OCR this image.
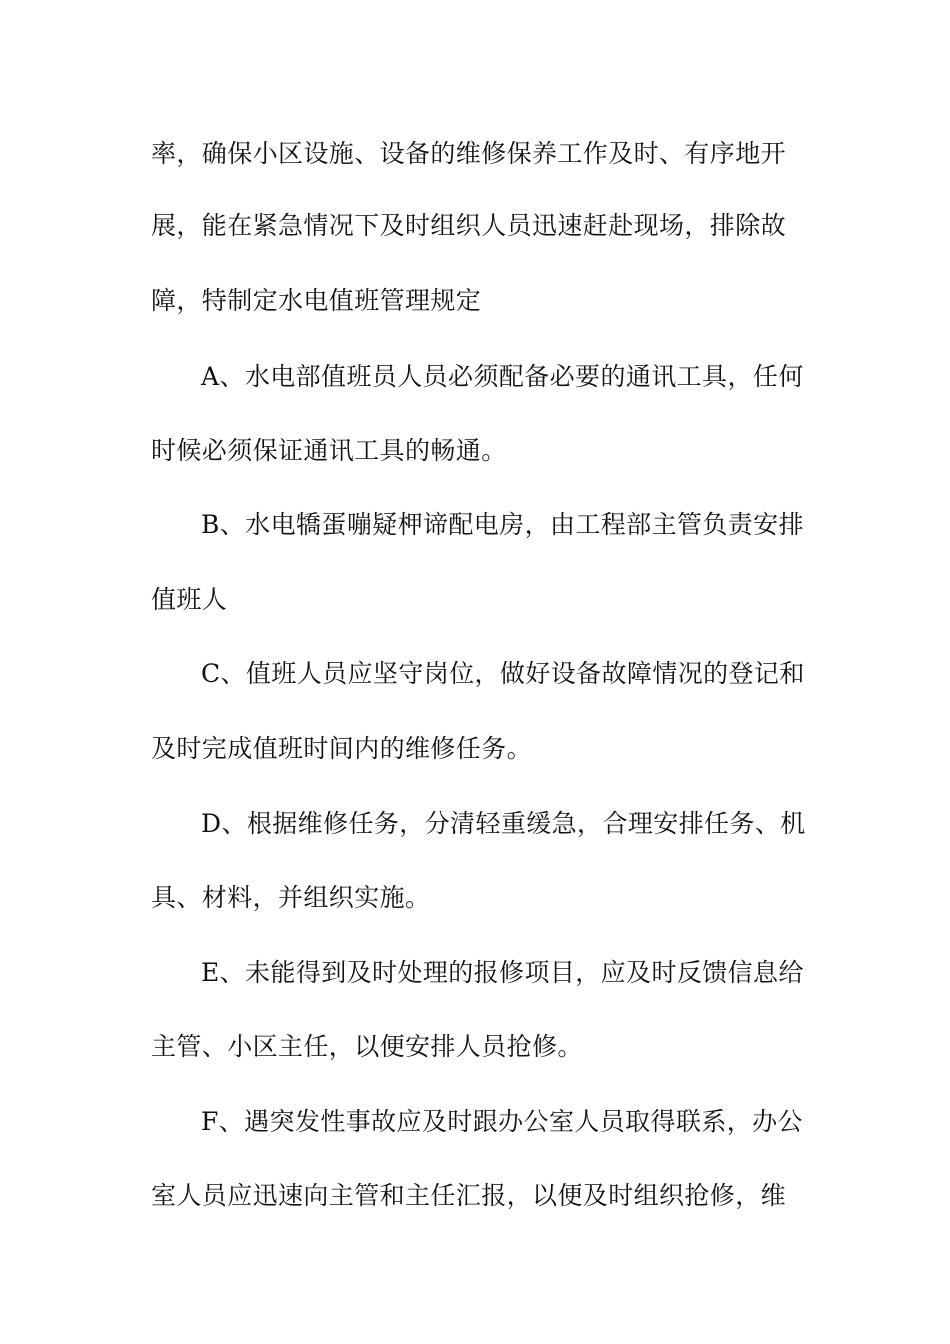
率，确保小区设施、设备的维修保养工作及时、有序地开
展，能在紧急情况下及时组织人员迅速赶赴现场，排除故
障，特制定水电值班管理规定
A、水电部值班员人员必须配备必要的通讯工具，任何
时候必须保证通讯工具的畅通。
B、水电犞蛋嘣疑柙谛配电房，由工程部主管负责安排
值班人
C、值班人员应坚守岗位，做好设备故障情况的登记和
及时完成值班时间内的维修任务。
D、根据维修任务，分清轻重缓急，合理安排任务、机
具、材料，并组织实施。
E、未能得到及时处理的报修项目，应及时反馈信息给
主管、小区主任，以便安排人员抢修。
F、遇突发性事故应及时跟办公室人员取得联系，办公
室人员应迅速向主管和主任汇报，以便及时组织抢修，维
